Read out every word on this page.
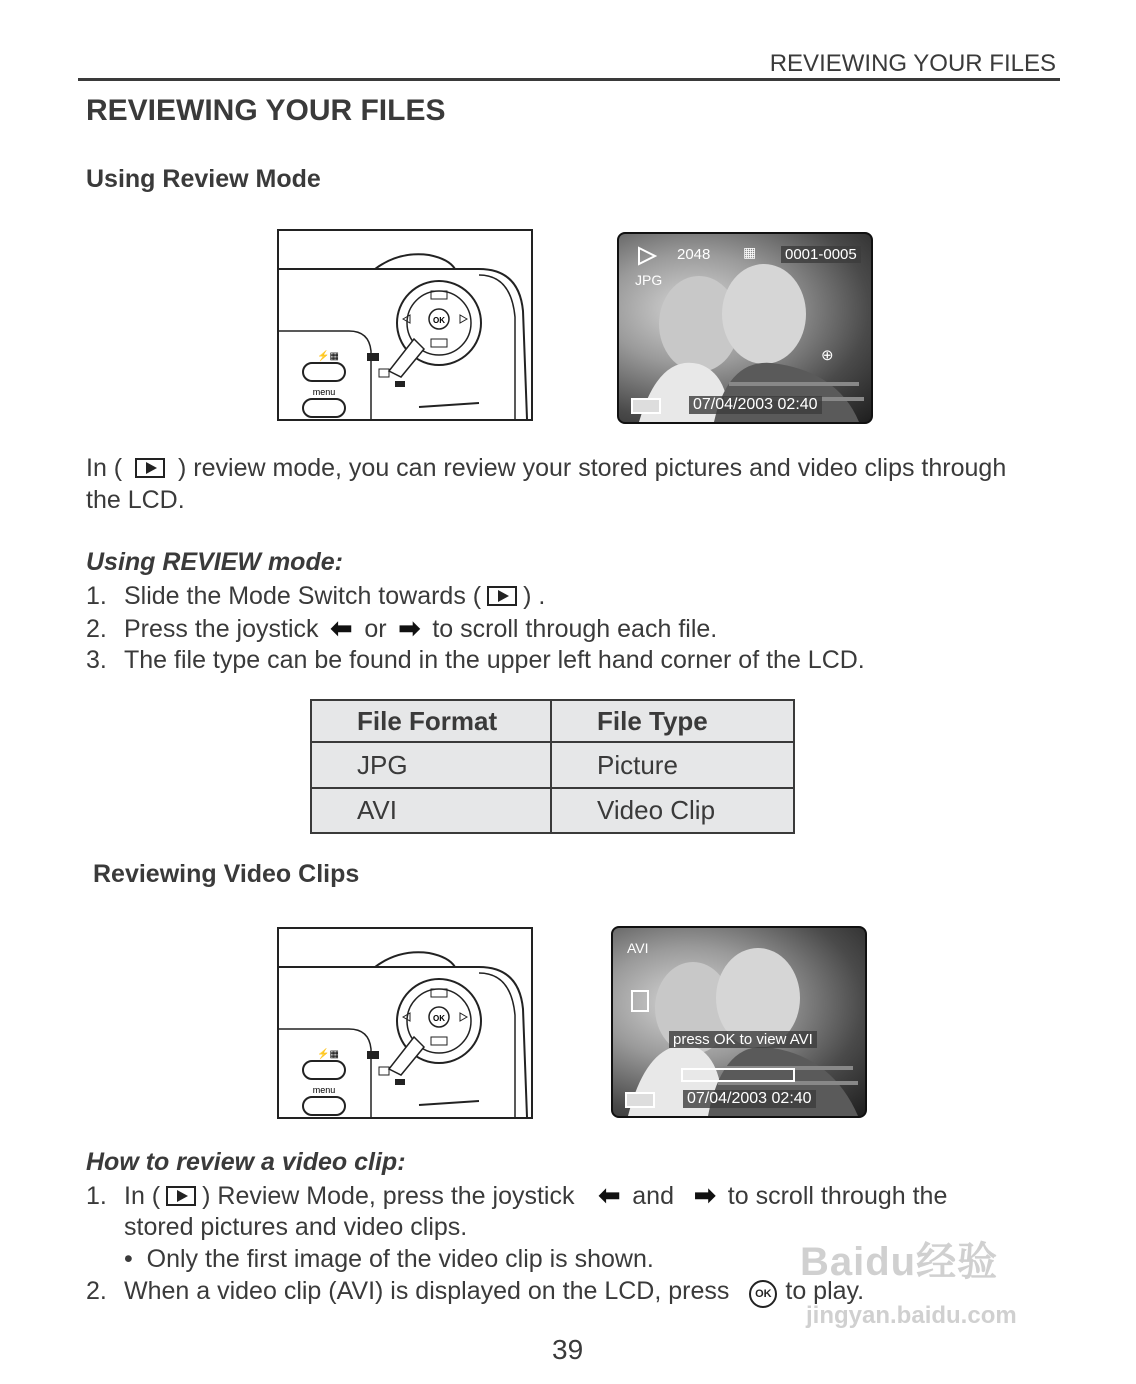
REVIEWING YOUR FILES
REVIEWING YOUR FILES
Using Review Mode
OK
menu
⚡▦
2048 ▦ 0001-0005
JPG
⊕
07/04/2003 02:40
In ( ) review mode, you can review your stored pictures and video clips through
the LCD.
Using REVIEW mode:
1. Slide the Mode Switch towards ( ) .
2. Press the joystick ⬅ or ➡ to scroll through each file.
3. The file type can be found in the upper left hand corner of the LCD.
File Format	File Type
JPG	Picture
AVI	Video Clip
Reviewing Video Clips
OK
menu
⚡▦
AVI
press OK to view AVI
07/04/2003 02:40
How to review a video clip:
1. In ( ) Review Mode, press the joystick ⬅ and ➡ to scroll through the
stored pictures and video clips.
•  Only the first image of the video clip is shown.
2. When a video clip (AVI) is displayed on the LCD, press OK to play.
Baidu经验
jingyan.baidu.com
39
